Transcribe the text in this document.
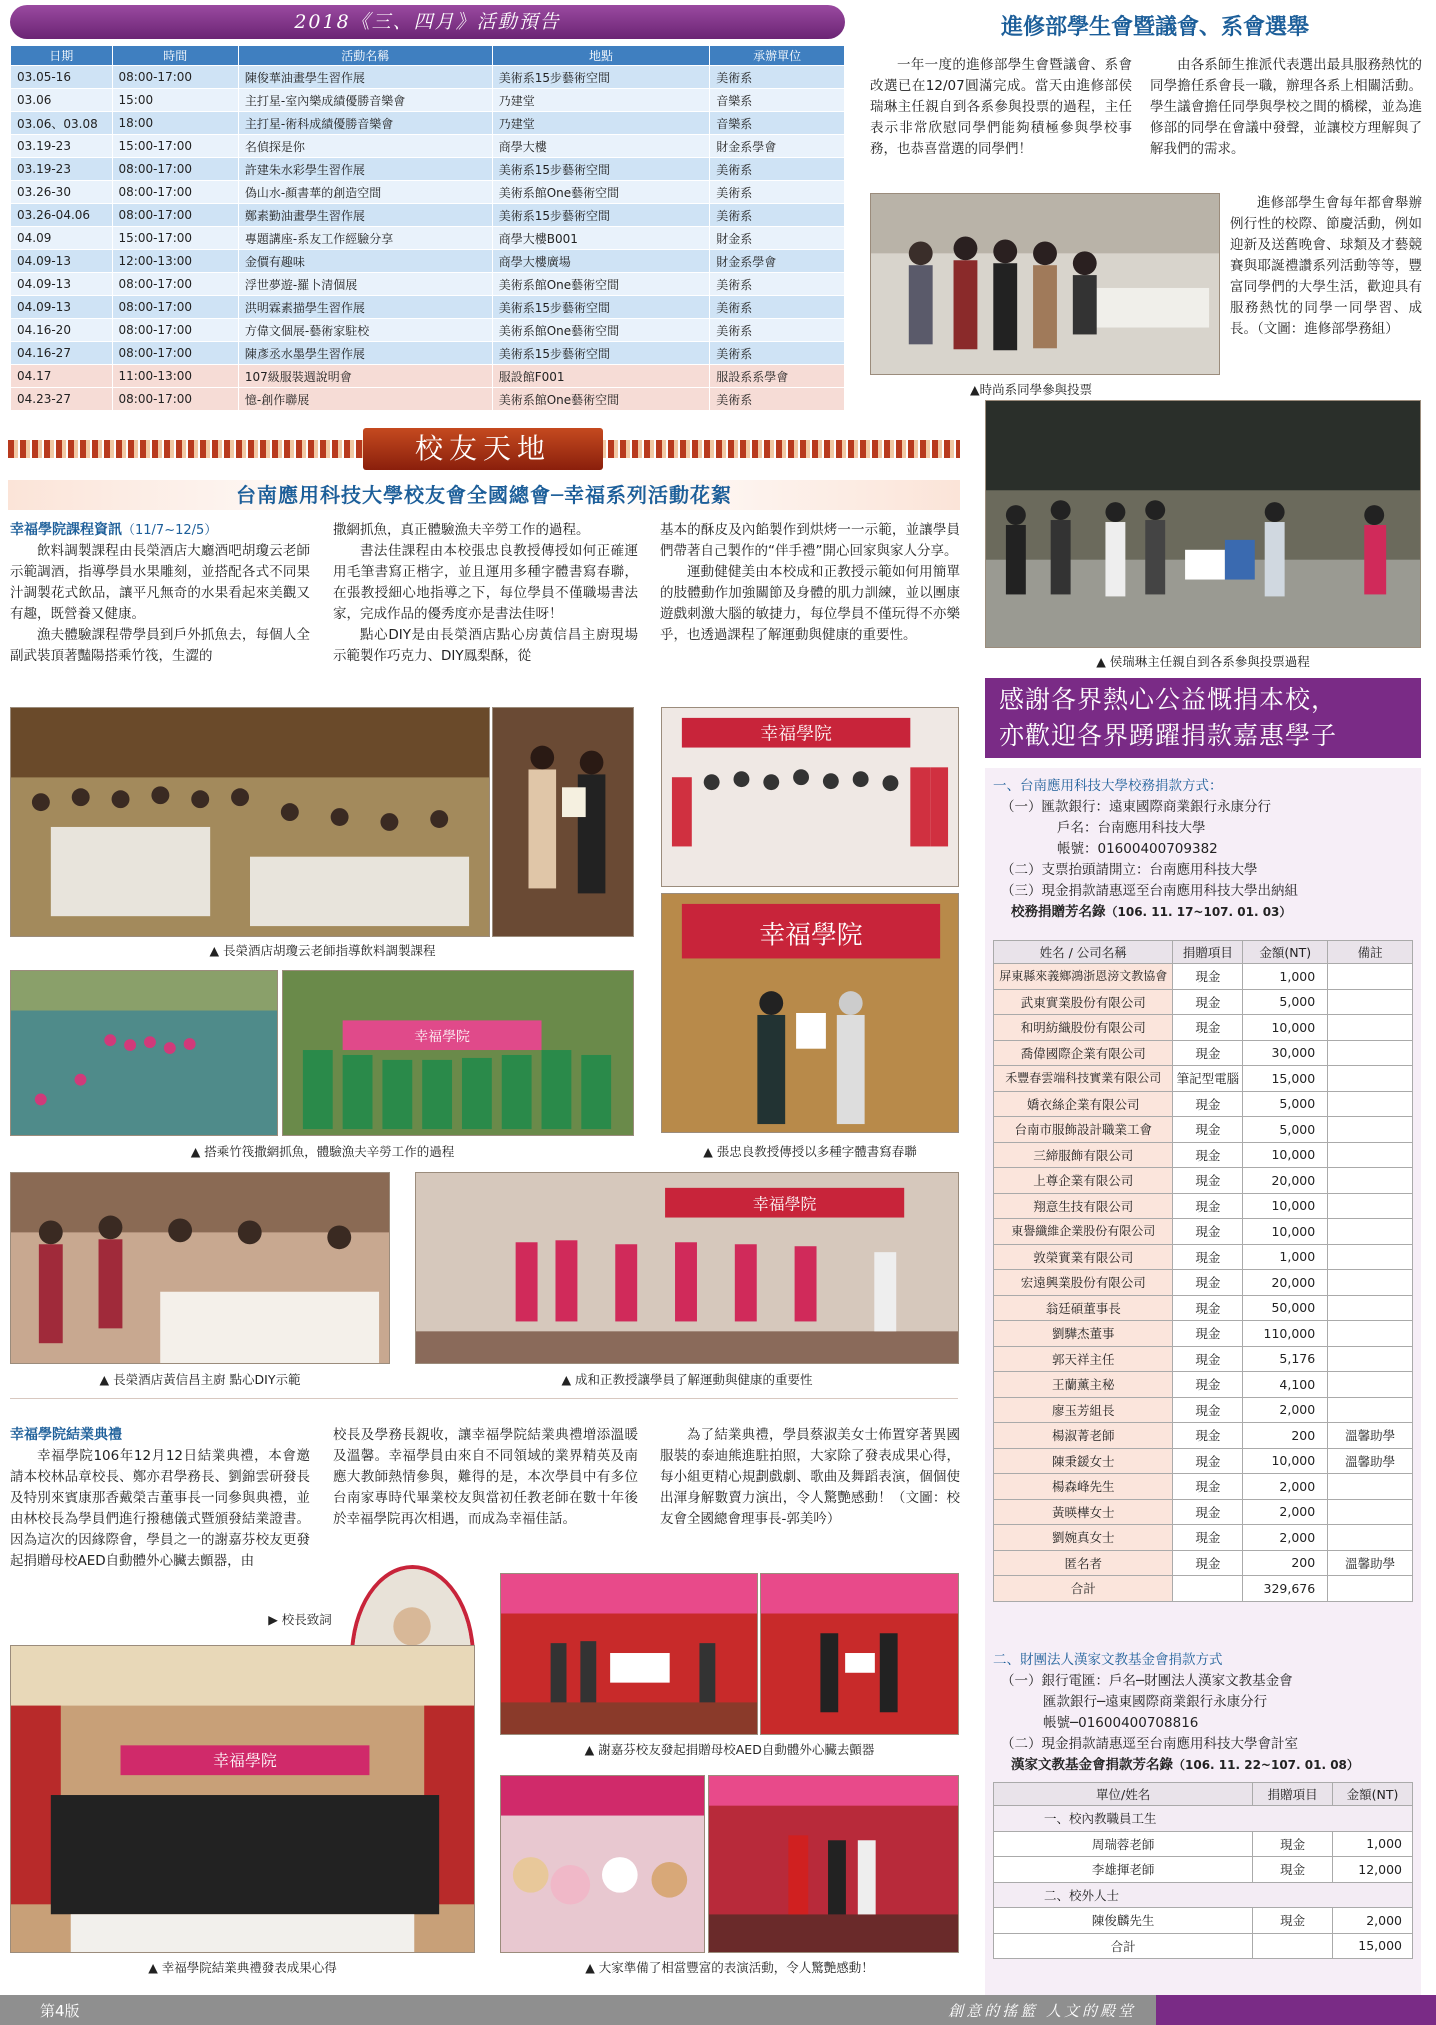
2018《三、四月》活動預告
日期	時間	活動名稱	地點	承辦單位
03.05-16	08:00-17:00	陳俊華油畫學生習作展	美術系15步藝術空間	美術系
03.06	15:00	主打星-室內樂成績優勝音樂會	乃建堂	音樂系
03.06、03.08	18:00	主打星-術科成績優勝音樂會	乃建堂	音樂系
03.19-23	15:00-17:00	名偵探是你	商學大樓	財金系學會
03.19-23	08:00-17:00	許建朱水彩學生習作展	美術系15步藝術空間	美術系
03.26-30	08:00-17:00	偽山水-顏書華的創造空間	美術系館One藝術空間	美術系
03.26-04.06	08:00-17:00	鄭素勤油畫學生習作展	美術系15步藝術空間	美術系
04.09	15:00-17:00	專題講座-系友工作經驗分享	商學大樓B001	財金系
04.09-13	12:00-13:00	金價有趣味	商學大樓廣場	財金系學會
04.09-13	08:00-17:00	浮世夢遊-羅卜清個展	美術系館One藝術空間	美術系
04.09-13	08:00-17:00	洪明霖素描學生習作展	美術系15步藝術空間	美術系
04.16-20	08:00-17:00	方偉文個展-藝術家駐校	美術系館One藝術空間	美術系
04.16-27	08:00-17:00	陳彥丞水墨學生習作展	美術系15步藝術空間	美術系
04.17	11:00-13:00	107級服裝週說明會	服設館F001	服設系系學會
04.23-27	08:00-17:00	憶-創作聯展	美術系館One藝術空間	美術系
進修部學生會暨議會、系會選舉

一年一度的進修部學生會暨議會、系會改選已在12/07圓滿完成。當天由進修部侯瑞琳主任親自到各系參與投票的過程，主任表示非常欣慰同學們能夠積極參與學校事務，也恭喜當選的同學們！

由各系師生推派代表選出最具服務熱忱的同學擔任系會長一職，辦理各系上相關活動。學生議會擔任同學與學校之間的橋樑，並為進修部的同學在會議中發聲，並讓校方理解與了解我們的需求。

進修部學生會每年都會舉辦例行性的校際、節慶活動，例如迎新及送舊晚會、球類及才藝競賽與耶誕禮讚系列活動等等，豐富同學們的大學生活，歡迎具有服務熱忱的同學一同學習、成長。（文圖：進修部學務組）

▲時尚系同學參與投票
▲ 侯瑞琳主任親自到各系參與投票過程
校友天地
台南應用科技大學校友會全國總會─幸福系列活動花絮
幸福學院課程資訊（11/7~12/5）

飲料調製課程由長榮酒店大廳酒吧胡瓊云老師示範調酒，指導學員水果雕刻，並搭配各式不同果汁調製花式飲品，讓平凡無奇的水果看起來美觀又有趣，既營養又健康。

漁夫體驗課程帶學員到戶外抓魚去，每個人全副武裝頂著豔陽搭乘竹筏，生澀的

撒網抓魚，真正體驗漁夫辛勞工作的過程。

書法佳課程由本校張忠良教授傳授如何正確運用毛筆書寫正楷字，並且運用多種字體書寫春聯，在張教授細心地指導之下，每位學員不僅職場書法家，完成作品的優秀度亦是書法佳呀！

點心DIY是由長榮酒店點心房黃信昌主廚現場示範製作巧克力、DIY鳳梨酥，從

基本的酥皮及內餡製作到烘烤一一示範，並讓學員們帶著自己製作的“伴手禮”開心回家與家人分享。

運動健健美由本校成和正教授示範如何用簡單的肢體動作加強關節及身體的肌力訓練，並以團康遊戲刺激大腦的敏捷力，每位學員不僅玩得不亦樂乎，也透過課程了解運動與健康的重要性。

幸福學院
幸福學院
▲ 長榮酒店胡瓊云老師指導飲料調製課程
幸福學院
▲ 搭乘竹筏撒網抓魚，體驗漁夫辛勞工作的過程	▲ 張忠良教授傳授以多種字體書寫春聯
幸福學院
▲ 長榮酒店黃信昌主廚 點心DIY示範	▲ 成和正教授讓學員了解運動與健康的重要性
幸福學院結業典禮

幸福學院106年12月12日結業典禮，本會邀請本校林品章校長、鄭亦君學務長、劉錦雲研發長及特別來賓康那香戴榮吉董事長一同參與典禮，並由林校長為學員們進行撥穗儀式暨頒發結業證書。因為這次的因緣際會，學員之一的謝嘉芬校友更發起捐贈母校AED自動體外心臟去顫器，由

校長及學務長親收，讓幸福學院結業典禮增添溫暖及溫馨。幸福學員由來自不同領域的業界精英及南應大教師熱情參與，難得的是，本次學員中有多位台南家專時代畢業校友與當初任教老師在數十年後於幸福學院再次相遇，而成為幸福佳話。

為了結業典禮，學員蔡淑美女士佈置穿著異國服裝的泰迪熊進駐拍照，大家除了發表成果心得，每小組更精心規劃戲劇、歌曲及舞蹈表演，個個使出渾身解數賣力演出，令人驚艷感動！（文圖：校友會全國總會理事長-郭美吟）

▶ 校長致詞
幸福學院
▲ 幸福學院結業典禮發表成果心得
▲ 謝嘉芬校友發起捐贈母校AED自動體外心臟去顫器
▲ 大家準備了相當豐富的表演活動，令人驚艷感動！
感謝各界熱心公益慨捐本校，
亦歡迎各界踴躍捐款嘉惠學子
一、台南應用科技大學校務捐款方式：
（一）匯款銀行：遠東國際商業銀行永康分行
戶名：台南應用科技大學
帳號：01600400709382
（二）支票抬頭請開立：台南應用科技大學
（三）現金捐款請惠逕至台南應用科技大學出納組
校務捐贈芳名錄（106. 11. 17~107. 01. 03）
姓名 / 公司名稱	捐贈項目	金額(NT)	備註
屏東縣來義鄉鴻浙恩滂文教協會	現金	1,000	
武東實業股份有限公司	現金	5,000	
和明紡織股份有限公司	現金	10,000	
喬偉國際企業有限公司	現金	30,000	
禾豐春雲端科技實業有限公司	筆記型電腦	15,000	
嬌衣絲企業有限公司	現金	5,000	
台南市服飾設計職業工會	現金	5,000	
三締服飾有限公司	現金	10,000	
上尊企業有限公司	現金	20,000	
翔意生技有限公司	現金	10,000	
東譽纖維企業股份有限公司	現金	10,000	
敦榮實業有限公司	現金	1,000	
宏遠興業股份有限公司	現金	20,000	
翁廷碩董事長	現金	50,000	
劉驊杰董事	現金	110,000	
郭天祥主任	現金	5,176	
王蘭薰主秘	現金	4,100	
廖玉芳組長	現金	2,000	
楊淑菁老師	現金	200	溫馨助學
陳秉鍰女士	現金	10,000	溫馨助學
楊森峰先生	現金	2,000	
黃暎樺女士	現金	2,000	
劉婉真女士	現金	2,000	
匿名者	現金	200	溫馨助學
合計		329,676	
二、財團法人漢家文教基金會捐款方式
（一）銀行電匯：戶名─財團法人漢家文教基金會
匯款銀行─遠東國際商業銀行永康分行
帳號─01600400708816
（二）現金捐款請惠逕至台南應用科技大學會計室
漢家文教基金會捐款芳名錄（106. 11. 22~107. 01. 08）
單位/姓名	捐贈項目	金額(NT)
一、校內教職員工生		
周瑞蓉老師	現金	1,000
李雄揮老師	現金	12,000
二、校外人士		
陳俊麟先生	現金	2,000
合計		15,000
第4版	創意的搖籃 人文的殿堂
